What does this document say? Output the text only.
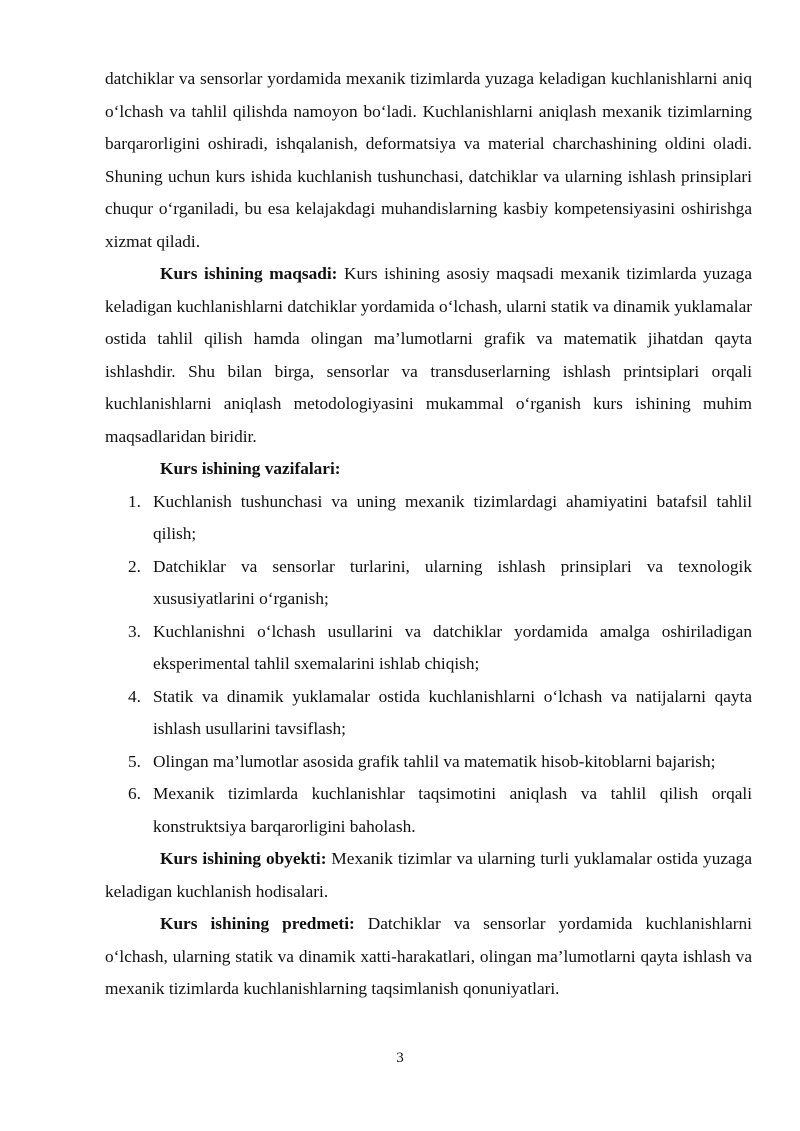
datchiklar va sensorlar yordamida mexanik tizimlarda yuzaga keladigan kuchlanishlarni aniq o‘lchash va tahlil qilishda namoyon bo‘ladi. Kuchlanishlarni aniqlash mexanik tizimlarning barqarorligini oshiradi, ishqalanish, deformatsiya va material charchashining oldini oladi. Shuning uchun kurs ishida kuchlanish tushunchasi, datchiklar va ularning ishlash prinsiplari chuqur o‘rganiladi, bu esa kelajakdagi muhandislarning kasbiy kompetensiyasini oshirishga xizmat qiladi.

Kurs ishining maqsadi: Kurs ishining asosiy maqsadi mexanik tizimlarda yuzaga keladigan kuchlanishlarni datchiklar yordamida o‘lchash, ularni statik va dinamik yuklamalar ostida tahlil qilish hamda olingan ma’lumotlarni grafik va matematik jihatdan qayta ishlashdir. Shu bilan birga, sensorlar va transduserlarning ishlash printsiplari orqali kuchlanishlarni aniqlash metodologiyasini mukammal o‘rganish kurs ishining muhim maqsadlaridan biridir.

Kurs ishining vazifalari:

1. Kuchlanish tushunchasi va uning mexanik tizimlardagi ahamiyatini batafsil tahlil qilish;
2. Datchiklar va sensorlar turlarini, ularning ishlash prinsiplari va texnologik xususiyatlarini o‘rganish;
3. Kuchlanishni o‘lchash usullarini va datchiklar yordamida amalga oshiriladigan eksperimental tahlil sxemalarini ishlab chiqish;
4. Statik va dinamik yuklamalar ostida kuchlanishlarni o‘lchash va natijalarni qayta ishlash usullarini tavsiflash;
5. Olingan ma’lumotlar asosida grafik tahlil va matematik hisob-kitoblarni bajarish;
6. Mexanik tizimlarda kuchlanishlar taqsimotini aniqlash va tahlil qilish orqali konstruktsiya barqarorligini baholash.

Kurs ishining obyekti: Mexanik tizimlar va ularning turli yuklamalar ostida yuzaga keladigan kuchlanish hodisalari.

Kurs ishining predmeti: Datchiklar va sensorlar yordamida kuchlanishlarni o‘lchash, ularning statik va dinamik xatti-harakatlari, olingan ma’lumotlarni qayta ishlash va mexanik tizimlarda kuchlanishlarning taqsimlanish qonuniyatlari.

3
